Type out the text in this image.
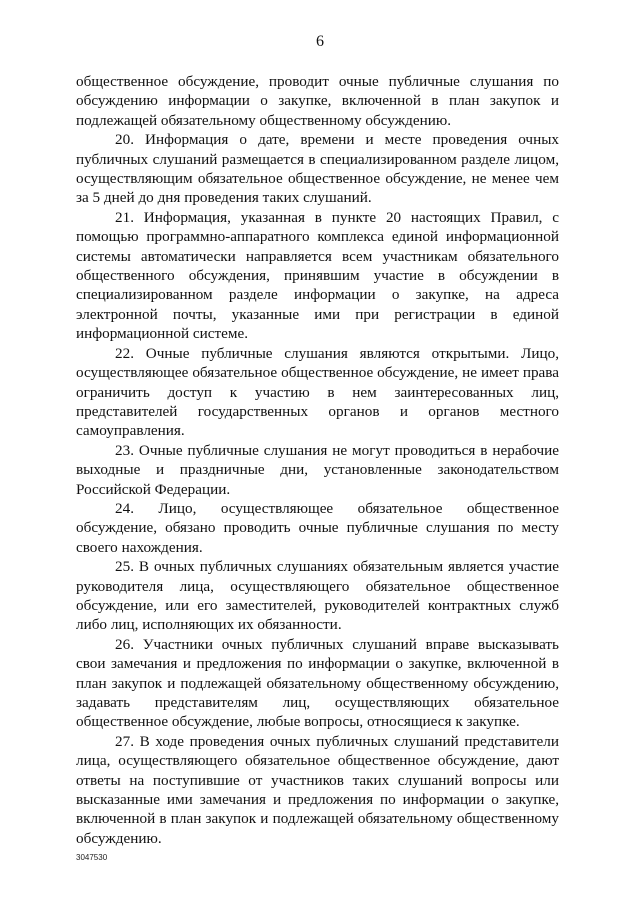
6

общественное обсуждение, проводит очные публичные слушания по обсуждению информации о закупке, включенной в план закупок и подлежащей обязательному общественному обсуждению.

20. Информация о дате, времени и месте проведения очных публичных слушаний размещается в специализированном разделе лицом, осуществляющим обязательное общественное обсуждение, не менее чем за 5 дней до дня проведения таких слушаний.

21. Информация, указанная в пункте 20 настоящих Правил, с помощью программно-аппаратного комплекса единой информационной системы автоматически направляется всем участникам обязательного общественного обсуждения, принявшим участие в обсуждении в специализированном разделе информации о закупке, на адреса электронной почты, указанные ими при регистрации в единой информационной системе.

22. Очные публичные слушания являются открытыми. Лицо, осуществляющее обязательное общественное обсуждение, не имеет права ограничить доступ к участию в нем заинтересованных лиц, представителей государственных органов и органов местного самоуправления.

23. Очные публичные слушания не могут проводиться в нерабочие выходные и праздничные дни, установленные законодательством Российской Федерации.

24. Лицо, осуществляющее обязательное общественное обсуждение, обязано проводить очные публичные слушания по месту своего нахождения.

25. В очных публичных слушаниях обязательным является участие руководителя лица, осуществляющего обязательное общественное обсуждение, или его заместителей, руководителей контрактных служб либо лиц, исполняющих их обязанности.

26. Участники очных публичных слушаний вправе высказывать свои замечания и предложения по информации о закупке, включенной в план закупок и подлежащей обязательному общественному обсуждению, задавать представителям лиц, осуществляющих обязательное общественное обсуждение, любые вопросы, относящиеся к закупке.

27. В ходе проведения очных публичных слушаний представители лица, осуществляющего обязательное общественное обсуждение, дают ответы на поступившие от участников таких слушаний вопросы или высказанные ими замечания и предложения по информации о закупке, включенной в план закупок и подлежащей обязательному общественному обсуждению.

3047530
